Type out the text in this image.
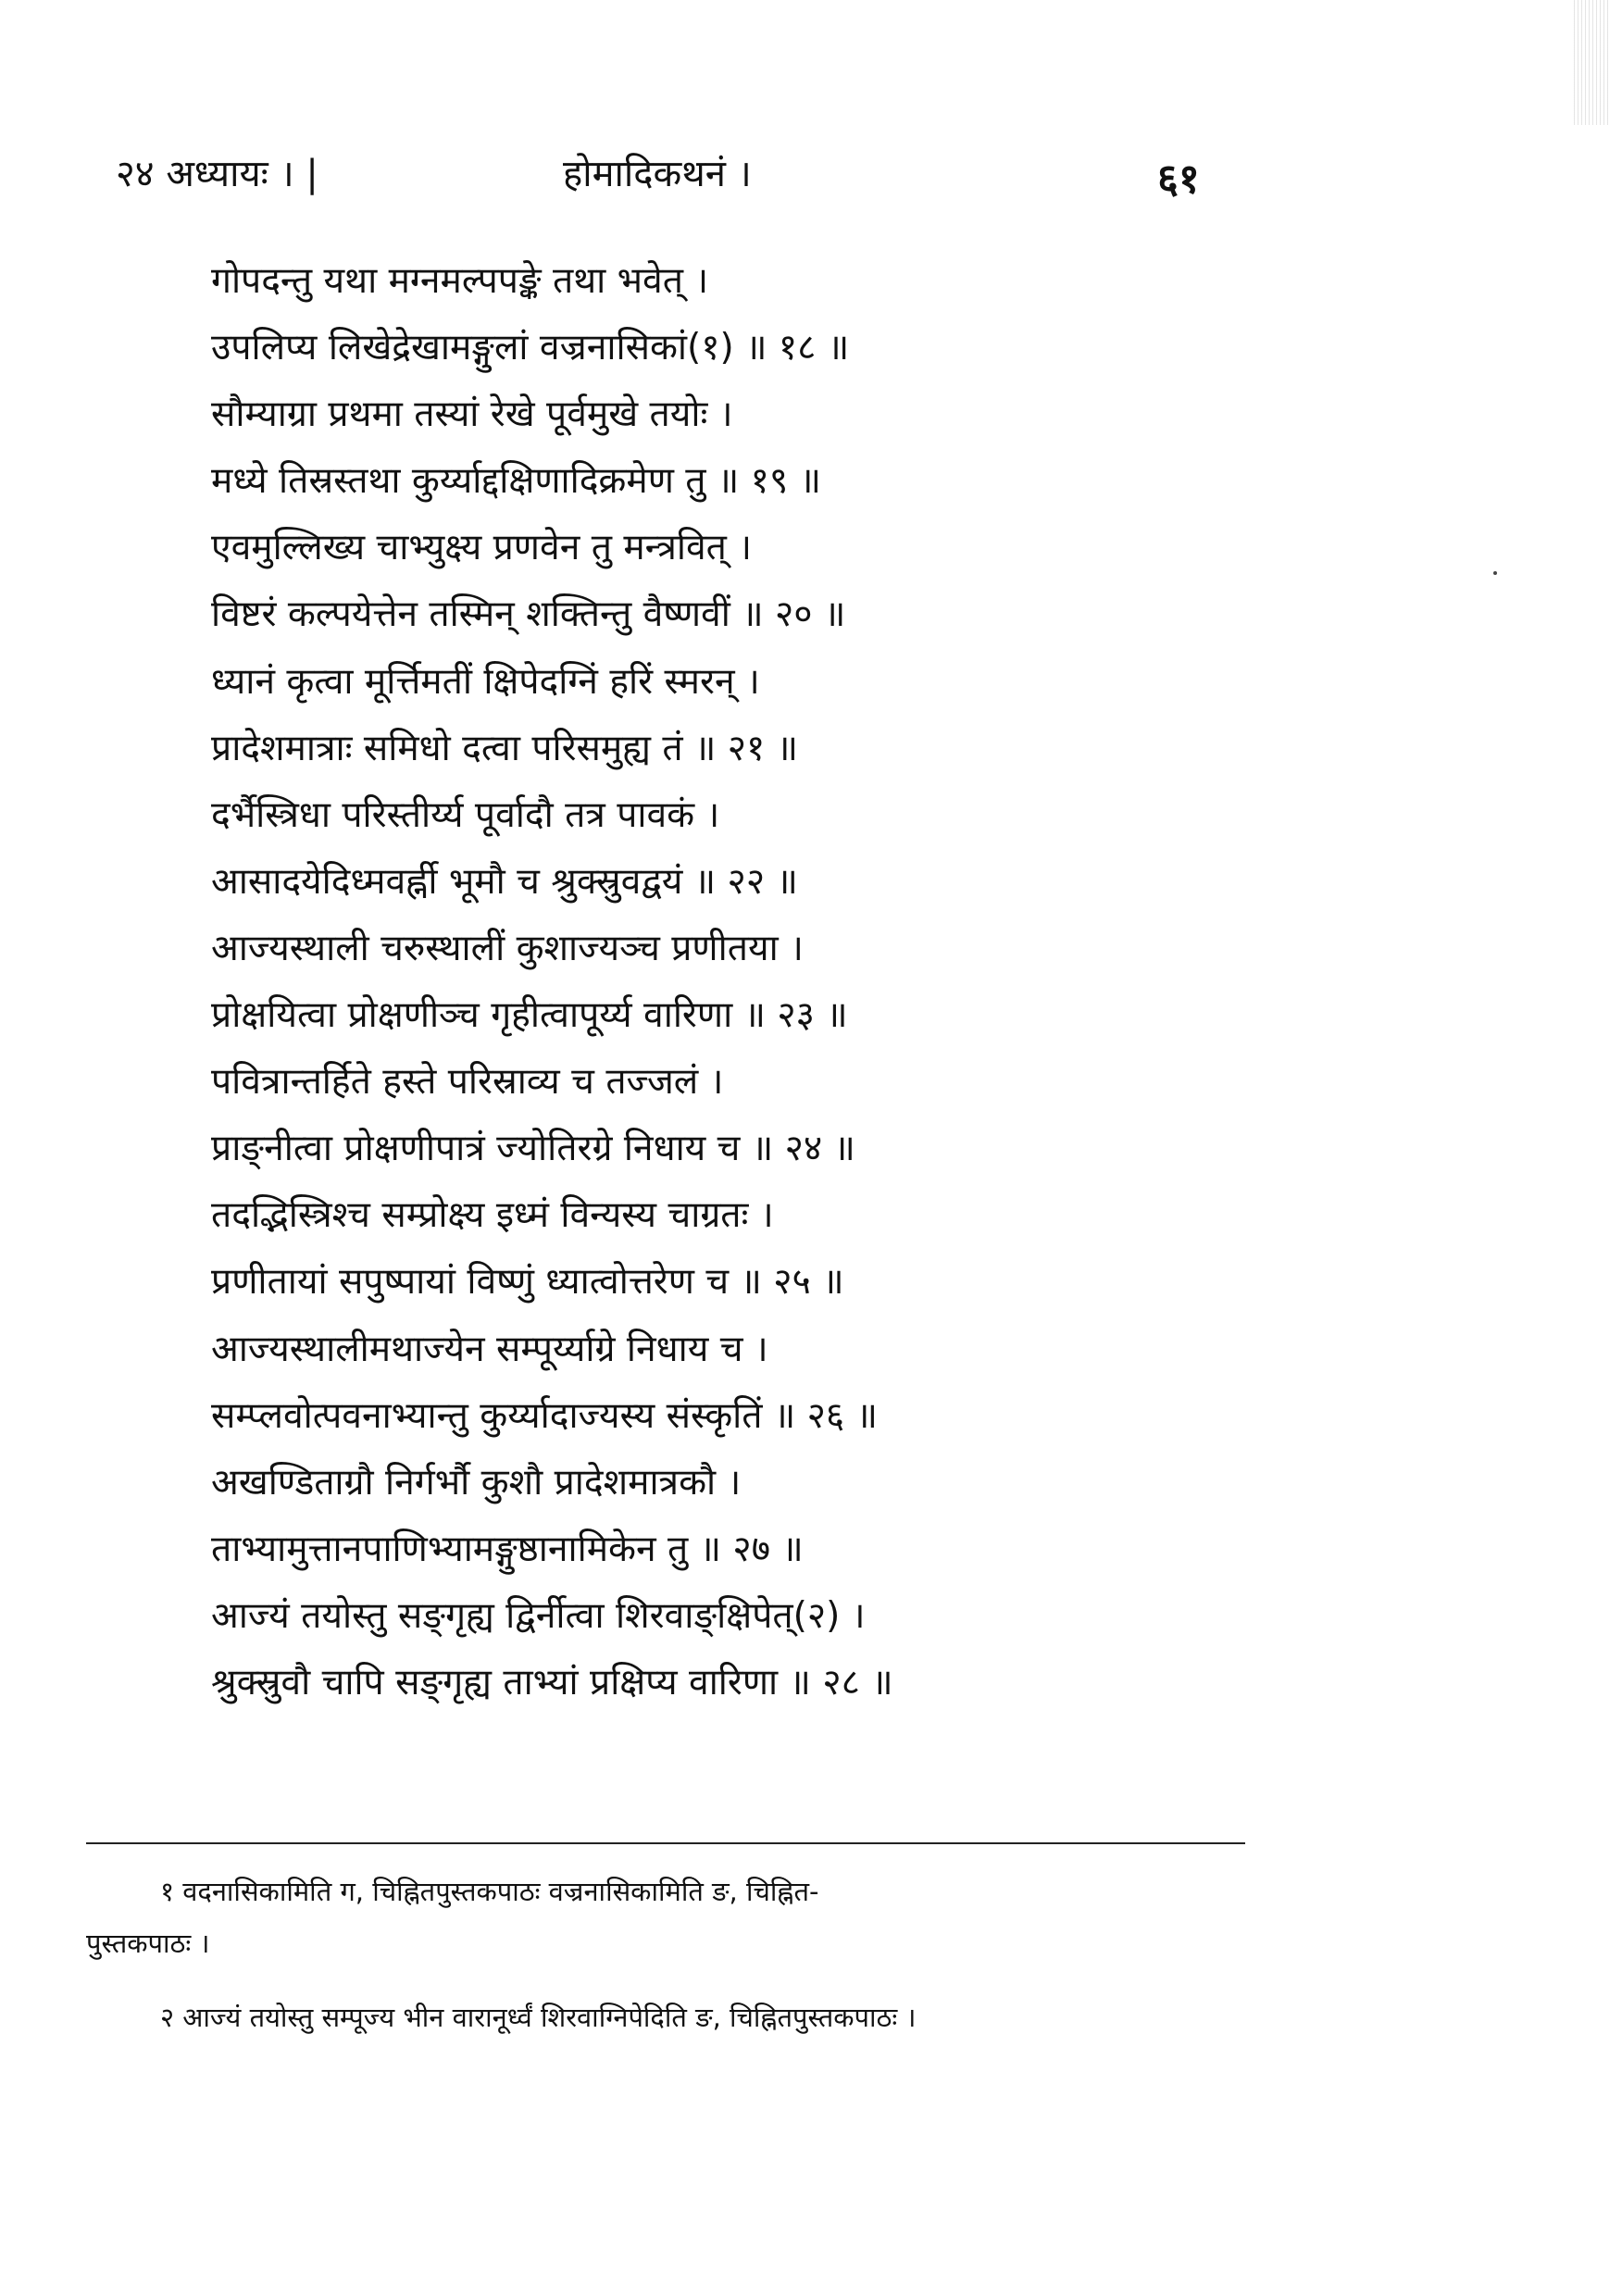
२४ अध्यायः । |	होमादिकथनं ।	६१
गोपदन्तु यथा मग्नमल्पपङ्के तथा भवेत् ।
उपलिप्य लिखेद्रेखामङ्गुलां वज्रनासिकां(१) ॥ १८ ॥
सौम्याग्रा प्रथमा तस्यां रेखे पूर्वमुखे तयोः ।
मध्ये तिस्रस्तथा कुर्य्याद्दक्षिणादिक्रमेण तु ॥ १९ ॥
एवमुल्लिख्य चाभ्युक्ष्य प्रणवेन तु मन्त्रवित् ।
विष्टरं कल्पयेत्तेन तस्मिन् शक्तिन्तु वैष्णवीं ॥ २० ॥
ध्यानं कृत्वा मूर्त्तिमतीं क्षिपेदग्निं हरिं स्मरन् ।
प्रादेशमात्राः समिधो दत्वा परिसमुह्य तं ॥ २१ ॥
दर्भैस्त्रिधा परिस्तीर्य्य पूर्वादौ तत्र पावकं ।
आसादयेदिध्मवर्ह्नी भूमौ च श्रुक्स्रुवद्वयं ॥ २२ ॥
आज्यस्थाली चरुस्थालीं कुशाज्यञ्च प्रणीतया ।
प्रोक्षयित्वा प्रोक्षणीञ्च गृहीत्वापूर्य्य वारिणा ॥ २३ ॥
पवित्रान्तर्हिते हस्ते परिस्राव्य च तज्जलं ।
प्राङ्नीत्वा प्रोक्षणीपात्रं ज्योतिरग्रे निधाय च ॥ २४ ॥
तदद्भिस्त्रिश्च सम्प्रोक्ष्य इध्मं विन्यस्य चाग्रतः ।
प्रणीतायां सपुष्पायां विष्णुं ध्यात्वोत्तरेण च ॥ २५ ॥
आज्यस्थालीमथाज्येन सम्पूर्य्याग्रे निधाय च ।
सम्प्लवोत्पवनाभ्यान्तु कुर्य्यादाज्यस्य संस्कृतिं ॥ २६ ॥
अखण्डिताग्रौ निर्गर्भौ कुशौ प्रादेशमात्रकौ ।
ताभ्यामुत्तानपाणिभ्यामङ्गुष्ठानामिकेन तु ॥ २७ ॥
आज्यं तयोस्तु सङ्गृह्य द्विर्नीत्वा शिरवाङ्क्षिपेत्(२) ।
श्रुक्स्रुवौ चापि सङ्गृह्य ताभ्यां प्रक्षिप्य वारिणा ॥ २८ ॥
१ वदनासिकामिति ग, चिह्नितपुस्तकपाठः वज्रनासिकामिति ङ, चिह्नित-
पुस्तकपाठः ।
२ आज्यं तयोस्तु सम्पूज्य भीन वारानूर्ध्वं शिरवाग्निपेदिति ङ, चिह्नितपुस्तकपाठः ।
